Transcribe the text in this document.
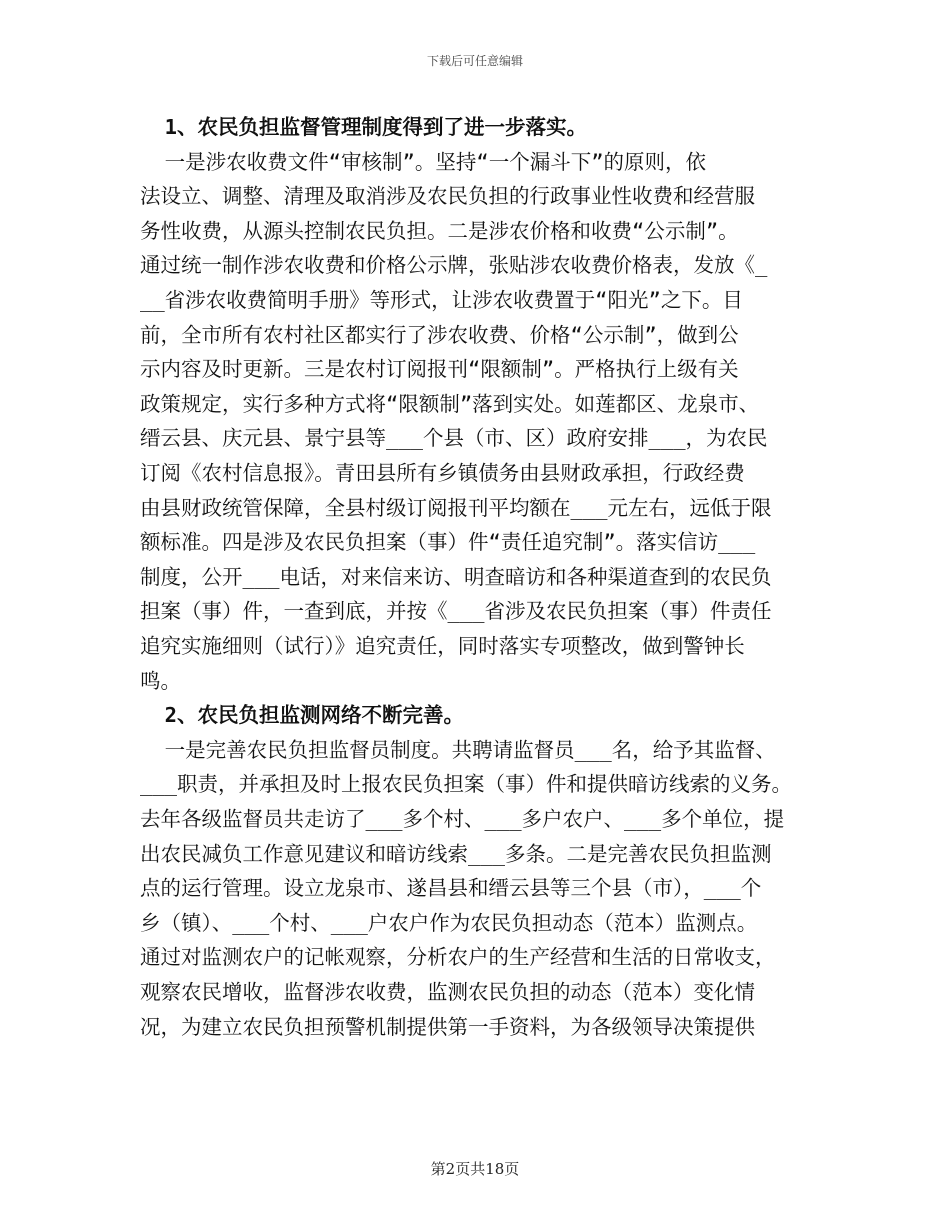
下载后可任意编辑
1、农民负担监督管理制度得到了进一步落实。
一是涉农收费文件“审核制”。坚持“一个漏斗下”的原则，依
法设立、调整、清理及取消涉及农民负担的行政事业性收费和经营服
务性收费，从源头控制农民负担。二是涉农价格和收费“公示制”。
通过统一制作涉农收费和价格公示牌，张贴涉农收费价格表，发放《_
__省涉农收费简明手册》等形式，让涉农收费置于“阳光”之下。目
前，全市所有农村社区都实行了涉农收费、价格“公示制”，做到公
示内容及时更新。三是农村订阅报刊“限额制”。严格执行上级有关
政策规定，实行多种方式将“限额制”落到实处。如莲都区、龙泉市、
缙云县、庆元县、景宁县等___个县（市、区）政府安排___，为农民
订阅《农村信息报》。青田县所有乡镇债务由县财政承担，行政经费
由县财政统管保障，全县村级订阅报刊平均额在___元左右，远低于限
额标准。四是涉及农民负担案（事）件“责任追究制”。落实信访___
制度，公开___电话，对来信来访、明查暗访和各种渠道查到的农民负
担案（事）件，一查到底，并按《___省涉及农民负担案（事）件责任
追究实施细则（试行）》追究责任，同时落实专项整改，做到警钟长
鸣。
2、农民负担监测网络不断完善。
一是完善农民负担监督员制度。共聘请监督员___名，给予其监督、
___职责，并承担及时上报农民负担案（事）件和提供暗访线索的义务。
去年各级监督员共走访了___多个村、___多户农户、___多个单位，提
出农民减负工作意见建议和暗访线索___多条。二是完善农民负担监测
点的运行管理。设立龙泉市、遂昌县和缙云县等三个县（市），___个
乡（镇）、___个村、___户农户作为农民负担动态（范本）监测点。
通过对监测农户的记帐观察，分析农户的生产经营和生活的日常收支，
观察农民增收，监督涉农收费，监测农民负担的动态（范本）变化情
况，为建立农民负担预警机制提供第一手资料，为各级领导决策提供
第2页共18页
